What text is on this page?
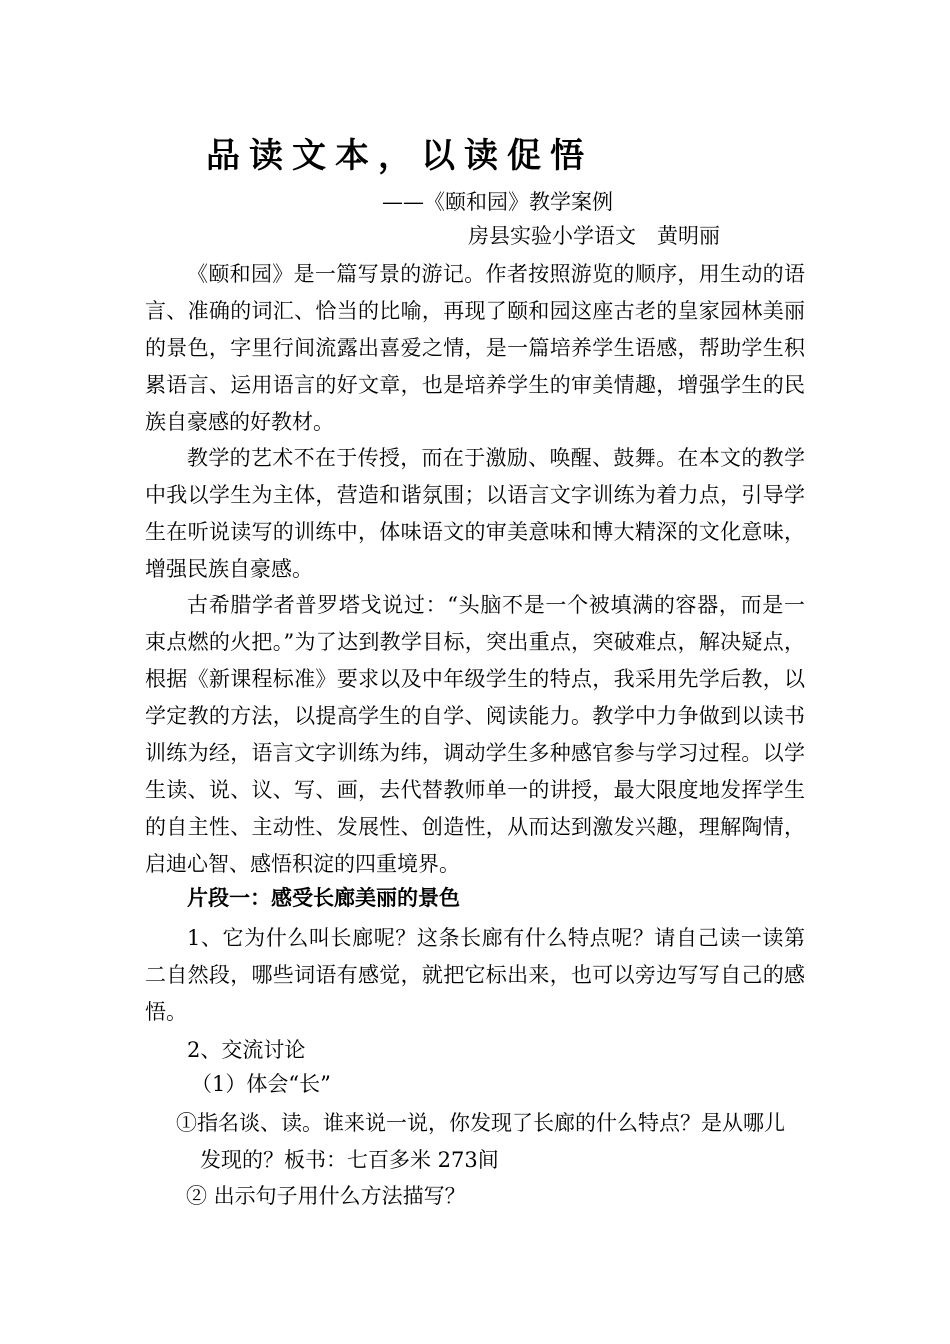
品读文本，以读促悟
——《颐和园》教学案例
房县实验小学语文　黄明丽

《颐和园》是一篇写景的游记。作者按照游览的顺序，用生动的语言、准确的词汇、恰当的比喻，再现了颐和园这座古老的皇家园林美丽的景色，字里行间流露出喜爱之情，是一篇培养学生语感，帮助学生积累语言、运用语言的好文章，也是培养学生的审美情趣，增强学生的民族自豪感的好教材。

教学的艺术不在于传授，而在于激励、唤醒、鼓舞。在本文的教学中我以学生为主体，营造和谐氛围；以语言文字训练为着力点，引导学生在听说读写的训练中，体味语文的审美意味和博大精深的文化意味，增强民族自豪感。

古希腊学者普罗塔戈说过：“头脑不是一个被填满的容器，而是一束点燃的火把。”为了达到教学目标，突出重点，突破难点，解决疑点，根据《新课程标准》要求以及中年级学生的特点，我采用先学后教，以学定教的方法，以提高学生的自学、阅读能力。教学中力争做到以读书训练为经，语言文字训练为纬，调动学生多种感官参与学习过程。以学生读、说、议、写、画，去代替教师单一的讲授，最大限度地发挥学生的自主性、主动性、发展性、创造性，从而达到激发兴趣，理解陶情，启迪心智、感悟积淀的四重境界。

片段一：感受长廊美丽的景色

1、它为什么叫长廊呢？这条长廊有什么特点呢？请自己读一读第二自然段，哪些词语有感觉，就把它标出来，也可以旁边写写自己的感悟。

2、交流讨论
（1）体会“长”
①指名谈、读。谁来说一说，你发现了长廊的什么特点？是从哪儿
发现的？板书：七百多米 273间
② 出示句子用什么方法描写？
